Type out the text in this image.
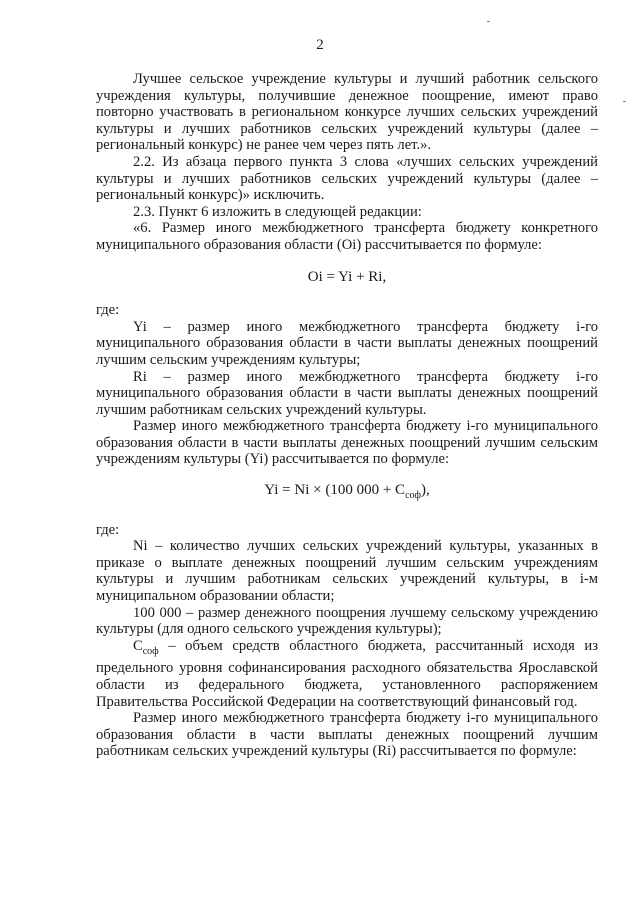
2

Лучшее сельское учреждение культуры и лучший работник сельского учреждения культуры, получившие денежное поощрение, имеют право повторно участвовать в региональном конкурсе лучших сельских учреждений культуры и лучших работников сельских учреждений культуры (далее – региональный конкурс) не ранее чем через пять лет.».

2.2. Из абзаца первого пункта 3 слова «лучших сельских учреждений культуры и лучших работников сельских учреждений культуры (далее – региональный конкурс)» исключить.

2.3. Пункт 6 изложить в следующей редакции:

«6. Размер иного межбюджетного трансферта бюджету конкретного муниципального образования области (Oi) рассчитывается по формуле:

Oi = Yi + Ri,

где:

Yi – размер иного межбюджетного трансферта бюджету i-го муниципального образования области в части выплаты денежных поощрений лучшим сельским учреждениям культуры;

Ri – размер иного межбюджетного трансферта бюджету i-го муниципального образования области в части выплаты денежных поощрений лучшим работникам сельских учреждений культуры.

Размер иного межбюджетного трансферта бюджету i-го муниципального образования области в части выплаты денежных поощрений лучшим сельским учреждениям культуры (Yi) рассчитывается по формуле:

Yi = Ni × (100 $000 + C_{соф}$),

где:

Ni – количество лучших сельских учреждений культуры, указанных в приказе о выплате денежных поощрений лучшим сельским учреждениям культуры и лучшим работникам сельских учреждений культуры, в i-м муниципальном образовании области;

100 000 – размер денежного поощрения лучшему сельскому учреждению культуры (для одного сельского учреждения культуры);

$C_{соф}$ – объем средств областного бюджета, рассчитанный исходя из предельного уровня софинансирования расходного обязательства Ярославской области из федерального бюджета, установленного распоряжением Правительства Российской Федерации на соответствующий финансовый год.

Размер иного межбюджетного трансферта бюджету i-го муниципального образования области в части выплаты денежных поощрений лучшим работникам сельских учреждений культуры (Ri) рассчитывается по формуле:
